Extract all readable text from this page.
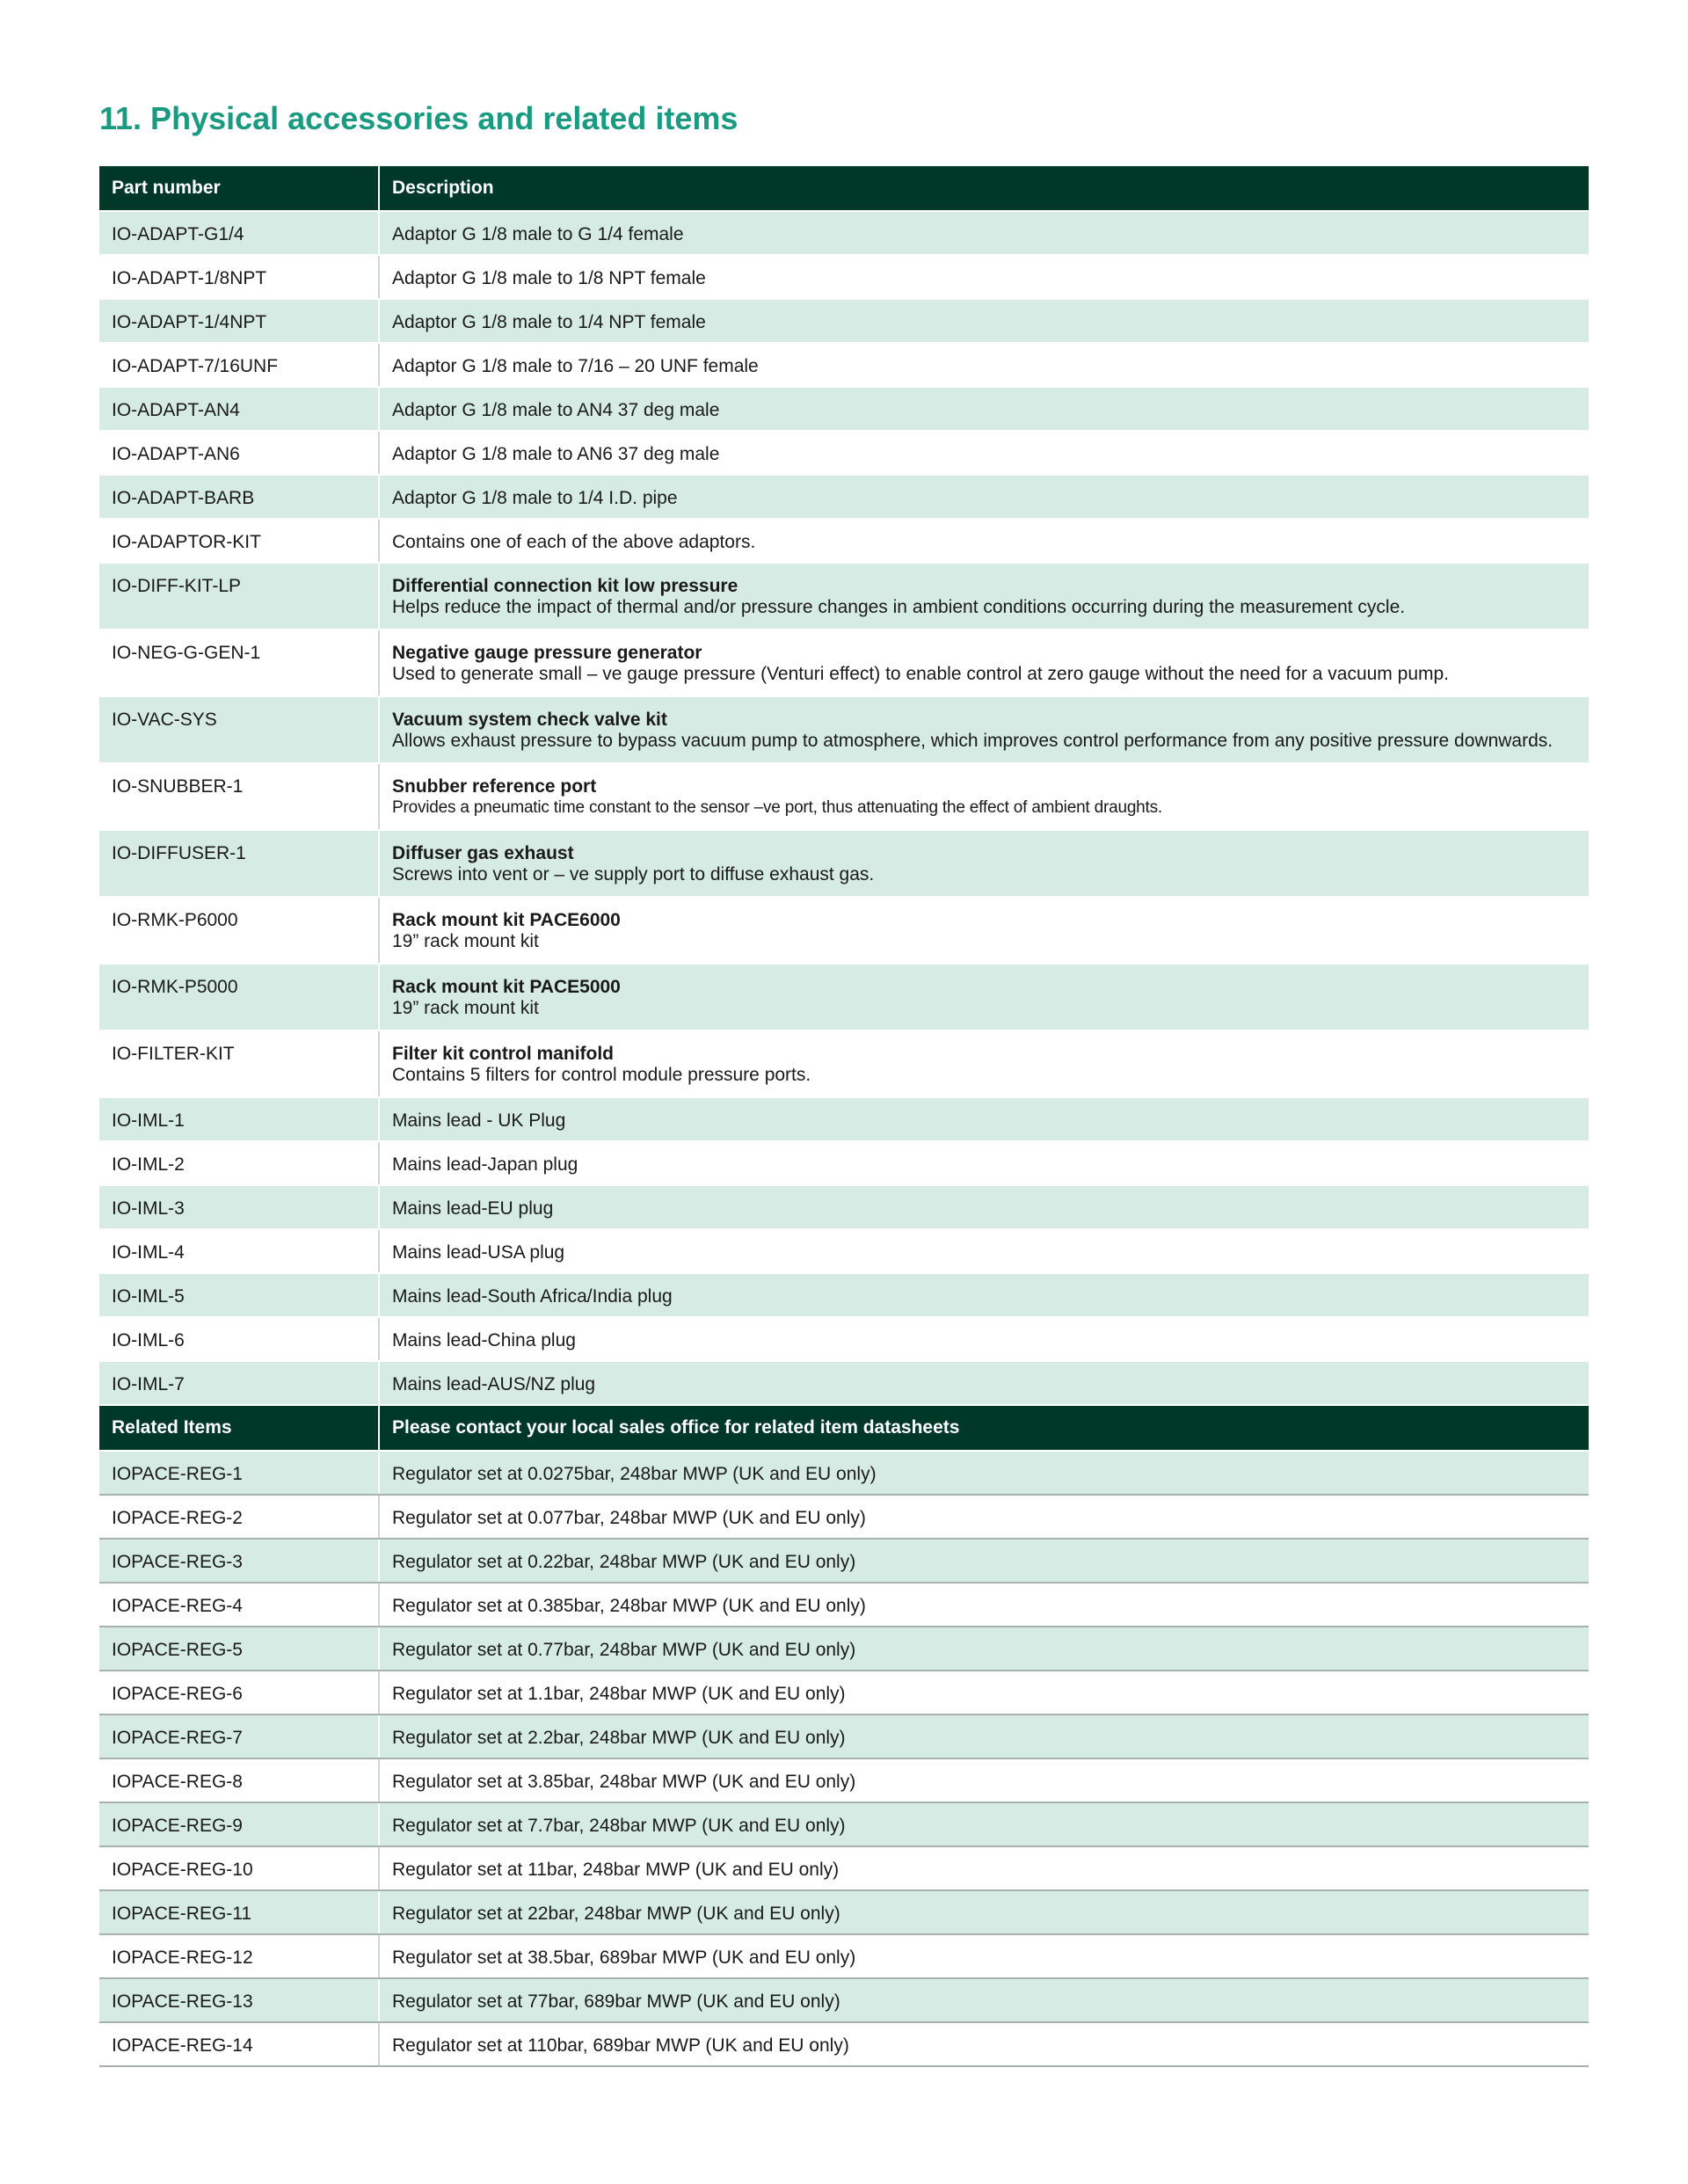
11. Physical accessories and related items
Part number	Description
IO-ADAPT-G1/4	Adaptor G 1/8 male to G 1/4 female

IO-ADAPT-1/8NPT	Adaptor G 1/8 male to 1/8 NPT female

IO-ADAPT-1/4NPT	Adaptor G 1/8 male to 1/4 NPT female

IO-ADAPT-7/16UNF	Adaptor G 1/8 male to 7/16 – 20 UNF female

IO-ADAPT-AN4	Adaptor G 1/8 male to AN4 37 deg male

IO-ADAPT-AN6	Adaptor G 1/8 male to AN6 37 deg male

IO-ADAPT-BARB	Adaptor G 1/8 male to 1/4 I.D. pipe

IO-ADAPTOR-KIT	Contains one of each of the above adaptors.

IO-DIFF-KIT-LP	Differential connection kit low pressure
Helps reduce the impact of thermal and/or pressure changes in ambient conditions occurring during the measurement cycle.

IO-NEG-G-GEN-1	Negative gauge pressure generator
Used to generate small – ve gauge pressure (Venturi effect) to enable control at zero gauge without the need for a vacuum pump.

IO-VAC-SYS	Vacuum system check valve kit
Allows exhaust pressure to bypass vacuum pump to atmosphere, which improves control performance from any positive pressure downwards.

IO-SNUBBER-1	Snubber reference port
Provides a pneumatic time constant to the sensor –ve port, thus attenuating the effect of ambient draughts.

IO-DIFFUSER-1	Diffuser gas exhaust
Screws into vent or – ve supply port to diffuse exhaust gas.

IO-RMK-P6000	Rack mount kit PACE6000
19” rack mount kit

IO-RMK-P5000	Rack mount kit PACE5000
19” rack mount kit

IO-FILTER-KIT	Filter kit control manifold
Contains 5 filters for control module pressure ports.

IO-IML-1	Mains lead - UK Plug

IO-IML-2	Mains lead-Japan plug

IO-IML-3	Mains lead-EU plug

IO-IML-4	Mains lead-USA plug

IO-IML-5	Mains lead-South Africa/India plug

IO-IML-6	Mains lead-China plug

IO-IML-7	Mains lead-AUS/NZ plug

Related Items	Please contact your local sales office for related item datasheets
IOPACE-REG-1	Regulator set at 0.0275bar, 248bar MWP (UK and EU only)

IOPACE-REG-2	Regulator set at 0.077bar, 248bar MWP (UK and EU only)

IOPACE-REG-3	Regulator set at 0.22bar, 248bar MWP (UK and EU only)

IOPACE-REG-4	Regulator set at 0.385bar, 248bar MWP (UK and EU only)

IOPACE-REG-5	Regulator set at 0.77bar, 248bar MWP (UK and EU only)

IOPACE-REG-6	Regulator set at 1.1bar, 248bar MWP (UK and EU only)

IOPACE-REG-7	Regulator set at 2.2bar, 248bar MWP (UK and EU only)

IOPACE-REG-8	Regulator set at 3.85bar, 248bar MWP (UK and EU only)

IOPACE-REG-9	Regulator set at 7.7bar, 248bar MWP (UK and EU only)

IOPACE-REG-10	Regulator set at 11bar, 248bar MWP (UK and EU only)

IOPACE-REG-11	Regulator set at 22bar, 248bar MWP (UK and EU only)

IOPACE-REG-12	Regulator set at 38.5bar, 689bar MWP (UK and EU only)

IOPACE-REG-13	Regulator set at 77bar, 689bar MWP (UK and EU only)

IOPACE-REG-14	Regulator set at 110bar, 689bar MWP (UK and EU only)
